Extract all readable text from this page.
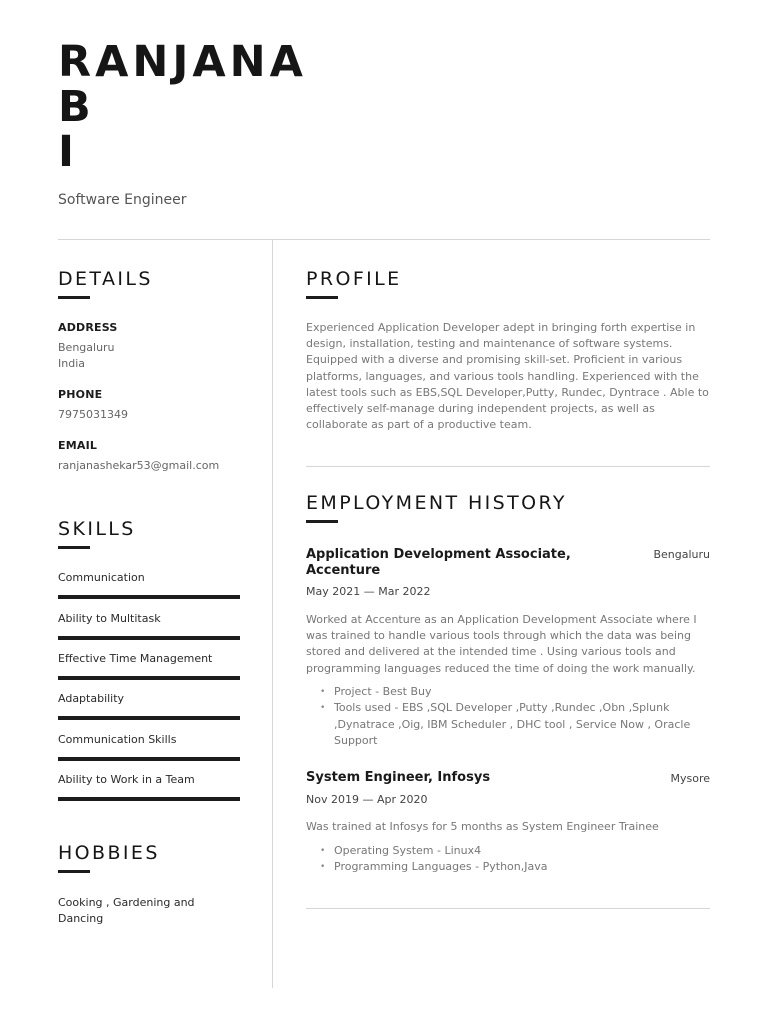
RANJANA
B
I
Software Engineer
DETAILS
ADDRESS
Bengaluru
India
PHONE
7975031349
EMAIL
ranjanashekar53@gmail.com
SKILLS
Communication
Ability to Multitask
Effective Time Management
Adaptability
Communication Skills
Ability to Work in a Team
HOBBIES
Cooking , Gardening and Dancing
PROFILE
Experienced Application Developer adept in bringing forth expertise in design, installation, testing and maintenance of software systems. Equipped with a diverse and promising skill-set. Proficient in various platforms, languages, and various tools handling. Experienced with the latest tools such as EBS,SQL Developer,Putty, Rundec, Dyntrace . Able to effectively self-manage during independent projects, as well as collaborate as part of a productive team.
EMPLOYMENT HISTORY
Application Development Associate, Accenture
Bengaluru
May 2021 — Mar 2022
Worked at Accenture as an Application Development Associate where I was trained to handle various tools through which the data was being stored and delivered at the intended time . Using various tools and programming languages reduced the time of doing the work manually.
• Project - Best Buy
• Tools used - EBS ,SQL Developer ,Putty ,Rundec ,Obn ,Splunk ,Dynatrace ,Oig, IBM Scheduler , DHC tool , Service Now , Oracle Support
System Engineer, Infosys	Mysore
Nov 2019 — Apr 2020
Was trained at Infosys for 5 months as System Engineer Trainee
• Operating System - Linux4
• Programming Languages - Python,Java
